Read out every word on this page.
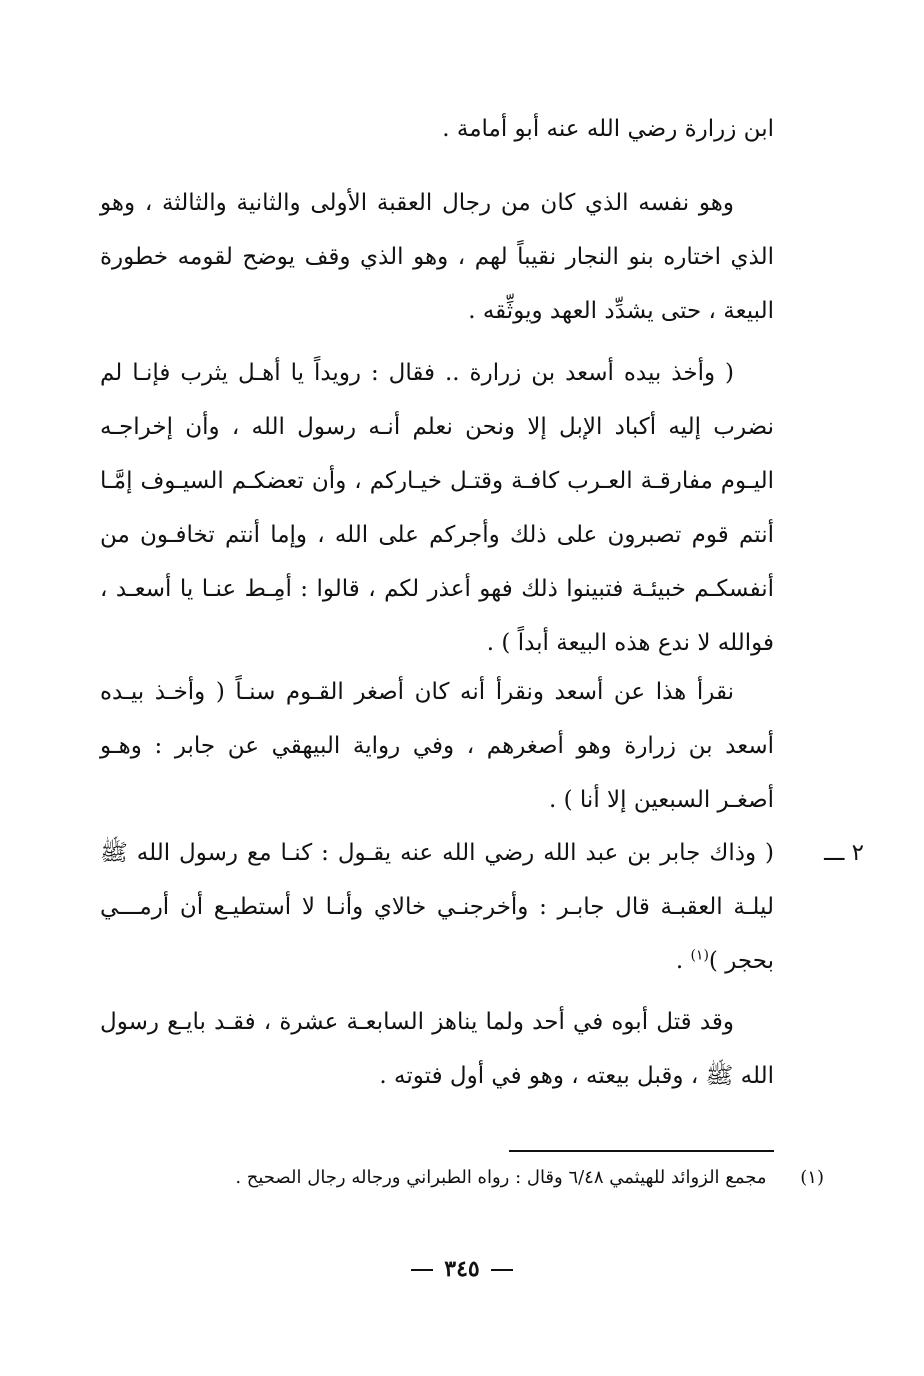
ابن زرارة رضي الله عنه أبو أمامة .

وهو نفسه الذي كان من رجال العقبة الأولى والثانية والثالثة ، وهو الذي اختاره بنو النجار نقيباً لهم ، وهو الذي وقف يوضح لقومه خطورة البيعة ، حتى يشدِّد العهد ويوثِّقه .

( وأخذ بيده أسعد بن زرارة .. فقال : رويداً يا أهـل يثرب فإنـا لم نضرب إليه أكباد الإبل إلا ونحن نعلم أنـه رسول الله ، وأن إخراجـه اليـوم مفارقـة العـرب كافـة وقتـل خيـاركم ، وأن تعضكـم السيـوف إمَّـا أنتم قوم تصبرون على ذلك وأجركم على الله ، وإما أنتم تخافـون من أنفسكـم خبيئـة فتبينوا ذلك فهو أعذر لكم ، قالوا : أمِـط عنـا يا أسعـد ، فوالله لا ندع هذه البيعة أبداً ) .

نقرأ هذا عن أسعد ونقرأ أنه كان أصغر القـوم سنـاً ( وأخـذ بيـده أسعد بن زرارة وهو أصغرهم ، وفي رواية البيهقي عن جابر : وهـو أصغـر السبعين إلا أنا ) .

٢ ـــ

( وذاك جابر بن عبد الله رضي الله عنه يقـول : كنـا مع رسول الله ﷺ ليلـة العقبـة قال جابـر : وأخرجنـي خالاي وأنـا لا أستطيـع أن أرمـــي بحجر )$^{(١)}$ .

وقد قتل أبوه في أحد ولما يناهز السابعـة عشرة ، فقـد بايـع رسول الله ﷺ ، وقبل بيعته ، وهو في أول فتوته .

(١) مجمع الزوائد للهيثمي ٦/٤٨ وقال : رواه الطبراني ورجاله رجال الصحيح .
٣٤٥
